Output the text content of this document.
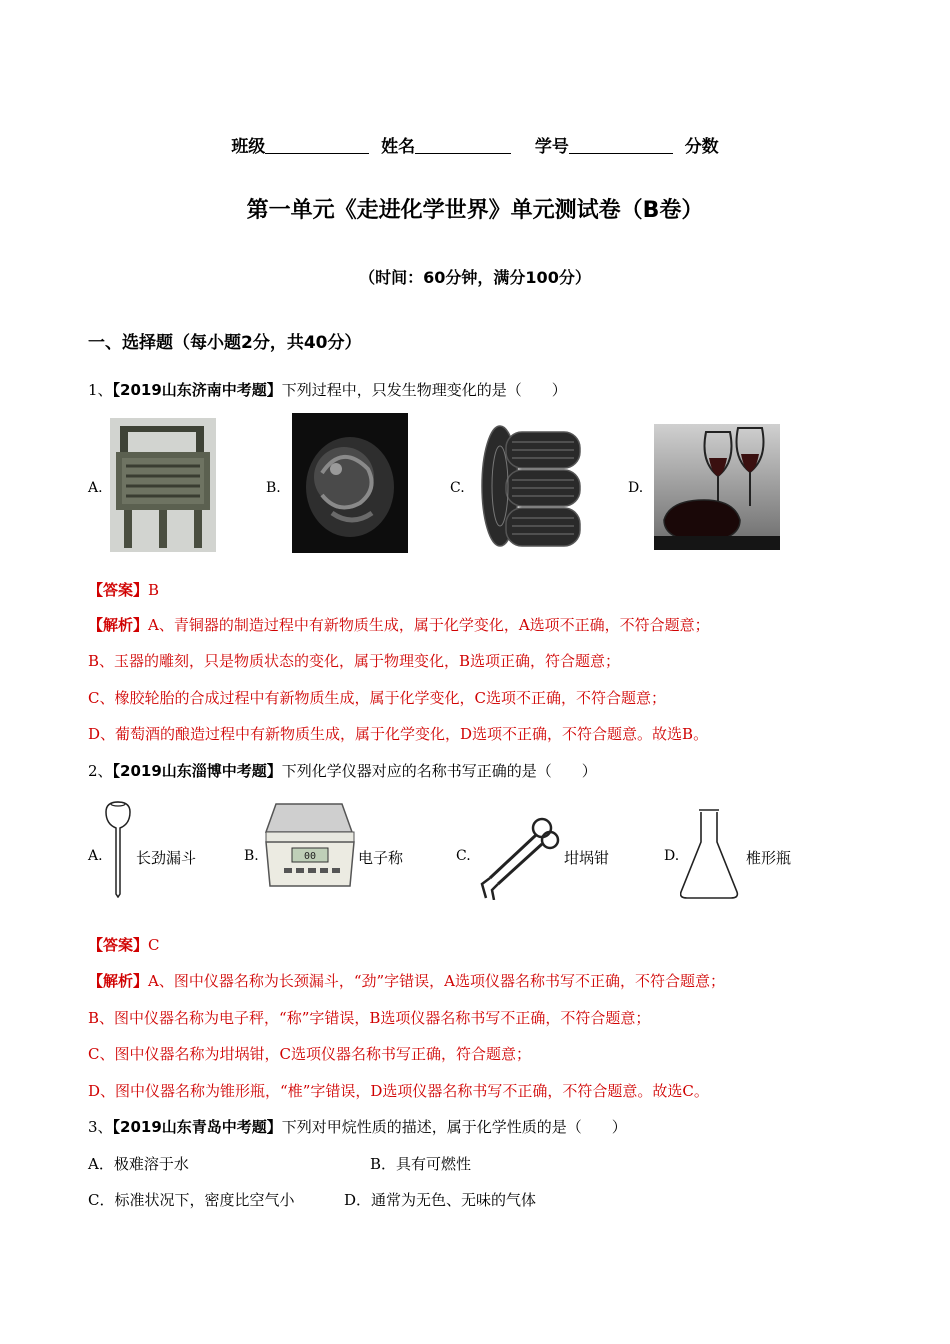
班级	姓名	学号	分数
第一单元《走进化学世界》单元测试卷（B卷）
（时间：60分钟，满分100分）
一、选择题（每小题2分，共40分）
1、【2019山东济南中考题】下列过程中，只发生物理变化的是（　　）
A.	B.	C.	D.
【答案】B
【解析】A、青铜器的制造过程中有新物质生成，属于化学变化，A选项不正确，不符合题意；
B、玉器的雕刻，只是物质状态的变化，属于物理变化，B选项正确，符合题意；
C、橡胶轮胎的合成过程中有新物质生成，属于化学变化，C选项不正确，不符合题意；
D、葡萄酒的酿造过程中有新物质生成，属于化学变化，D选项不正确，不符合题意。故选B。
2、【2019山东淄博中考题】下列化学仪器对应的名称书写正确的是（　　）
A. 长劲漏斗	B.	00	电子称	C.	坩埚钳	D.	椎形瓶
【答案】C
【解析】A、图中仪器名称为长颈漏斗，“劲”字错误，A选项仪器名称书写不正确，不符合题意；
B、图中仪器名称为电子秤，“称”字错误，B选项仪器名称书写不正确，不符合题意；
C、图中仪器名称为坩埚钳，C选项仪器名称书写正确，符合题意；
D、图中仪器名称为锥形瓶，“椎”字错误，D选项仪器名称书写不正确，不符合题意。故选C。
3、【2019山东青岛中考题】下列对甲烷性质的描述，属于化学性质的是（　　）
A．极难溶于水	B．具有可燃性
C．标准状况下，密度比空气小	D．通常为无色、无味的气体
